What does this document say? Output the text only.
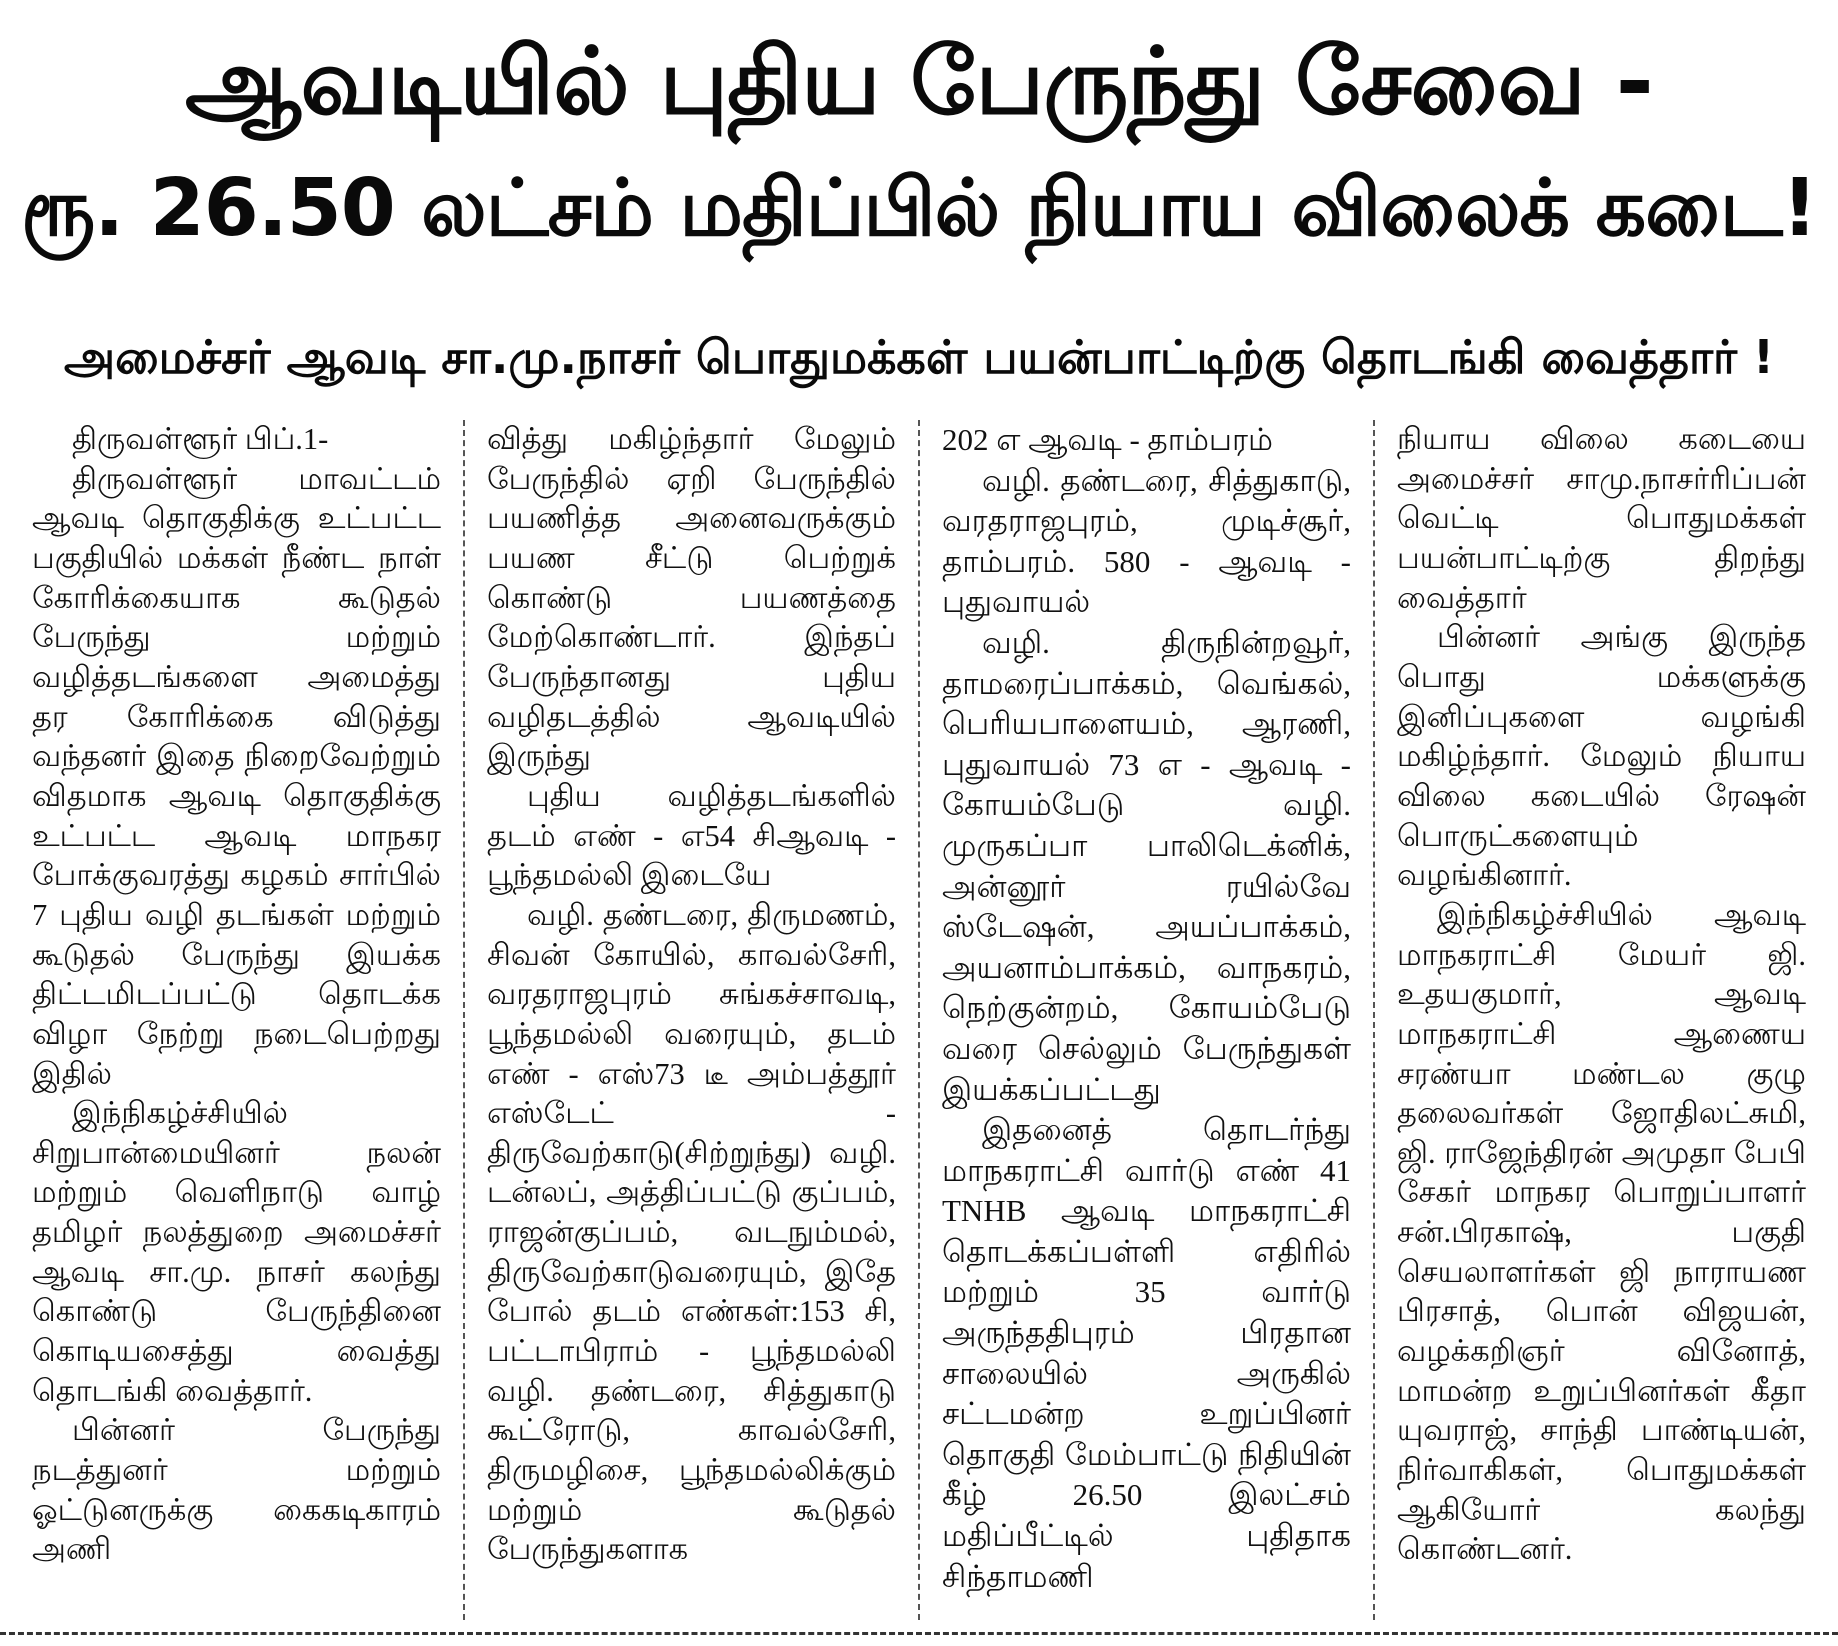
ஆவடியில் புதிய பேருந்து சேவை -
ரூ. 26.50 லட்சம் மதிப்பில் நியாய விலைக் கடை!
அமைச்சர் ஆவடி சா.மு.நாசர் பொதுமக்கள் பயன்பாட்டிற்கு தொடங்கி வைத்தார் !

திருவள்ளூர் பிப்.1-

திருவள்ளூர் மாவட்டம் ஆவடி தொகுதிக்கு உட்பட்ட பகுதியில் மக்கள் நீண்ட நாள் கோரிக்கையாக கூடுதல் பேருந்து மற்றும் வழித்தடங்களை அமைத்து தர கோரிக்கை விடுத்து வந்தனர் இதை நிறைவேற்றும் விதமாக ஆவடி தொகுதிக்கு உட்பட்ட ஆவடி மாநகர போக்குவரத்து கழகம் சார்பில் 7 புதிய வழி தடங்கள் மற்றும் கூடுதல் பேருந்து இயக்க திட்டமிடப்பட்டு தொடக்க விழா நேற்று நடைபெற்றது இதில்

இந்நிகழ்ச்சியில் சிறுபான்மையினர் நலன் மற்றும் வெளிநாடு வாழ் தமிழர் நலத்துறை அமைச்சர் ஆவடி சா.மு. நாசர் கலந்து கொண்டு பேருந்தினை கொடியசைத்து வைத்து தொடங்கி வைத்தார்.

பின்னர் பேருந்து நடத்துனர் மற்றும் ஓட்டுனருக்கு கைகடிகாரம் அணி

வித்து மகிழ்ந்தார் மேலும் பேருந்தில் ஏறி பேருந்தில் பயணித்த அனைவருக்கும் பயண சீட்டு பெற்றுக் கொண்டு பயணத்தை மேற்கொண்டார். இந்தப் பேருந்தானது புதிய வழிதடத்தில் ஆவடியில் இருந்து

புதிய வழித்தடங்களில் தடம் எண் - எ54 சிஆவடி - பூந்தமல்லி இடையே

வழி. தண்டரை, திருமணம், சிவன் கோயில், காவல்சேரி, வரதராஜபுரம் சுங்கச்சாவடி, பூந்தமல்லி வரையும், தடம் எண் - எஸ்73 டீ அம்பத்தூர் எஸ்டேட் - திருவேற்காடு(சிற்றுந்து) வழி. டன்லப், அத்திப்பட்டு குப்பம், ராஜன்குப்பம், வடநும்மல், திருவேற்காடுவரையும், இதே போல் தடம் எண்கள்:153 சி, பட்டாபிராம் - பூந்தமல்லி வழி. தண்டரை, சித்துகாடு கூட்ரோடு, காவல்சேரி, திருமழிசை, பூந்தமல்லிக்கும் மற்றும் கூடுதல் பேருந்துகளாக

202 எ ஆவடி - தாம்பரம்

வழி. தண்டரை, சித்துகாடு, வரதராஜபுரம், முடிச்சூர், தாம்பரம். 580 - ஆவடி - புதுவாயல்

வழி. திருநின்றவூர், தாமரைப்பாக்கம், வெங்கல், பெரியபாளையம், ஆரணி, புதுவாயல் 73 எ - ஆவடி - கோயம்பேடு வழி. முருகப்பா பாலிடெக்னிக், அன்னூர் ரயில்வே ஸ்டேஷன், அயப்பாக்கம், அயனாம்பாக்கம், வாநகரம், நெற்குன்றம், கோயம்பேடு வரை செல்லும் பேருந்துகள் இயக்கப்பட்டது

இதனைத் தொடர்ந்து மாநகராட்சி வார்டு எண் 41 TNHB ஆவடி மாநகராட்சி தொடக்கப்பள்ளி எதிரில் மற்றும் 35 வார்டு அருந்ததிபுரம் பிரதான சாலையில் அருகில் சட்டமன்ற உறுப்பினர் தொகுதி மேம்பாட்டு நிதியின் கீழ் 26.50 இலட்சம் மதிப்பீட்டில் புதிதாக சிந்தாமணி

நியாய விலை கடையை அமைச்சர் சாமு.நாசர்ரிப்பன் வெட்டி பொதுமக்கள் பயன்பாட்டிற்கு திறந்து வைத்தார்

பின்னர் அங்கு இருந்த பொது மக்களுக்கு இனிப்புகளை வழங்கி மகிழ்ந்தார். மேலும் நியாய விலை கடையில் ரேஷன் பொருட்களையும் வழங்கினார்.

இந்நிகழ்ச்சியில் ஆவடி மாநகராட்சி மேயர் ஜி. உதயகுமார், ஆவடி மாநகராட்சி ஆணைய சரண்யா மண்டல குழு தலைவர்கள் ஜோதிலட்சுமி, ஜி. ராஜேந்திரன் அமுதா பேபி சேகர் மாநகர பொறுப்பாளர் சன்.பிரகாஷ், பகுதி செயலாளர்கள் ஜி நாராயண பிரசாத், பொன் விஜயன், வழக்கறிஞர் வினோத், மாமன்ற உறுப்பினர்கள் கீதா யுவராஜ், சாந்தி பாண்டியன், நிர்வாகிகள், பொதுமக்கள் ஆகியோர் கலந்து கொண்டனர்.
